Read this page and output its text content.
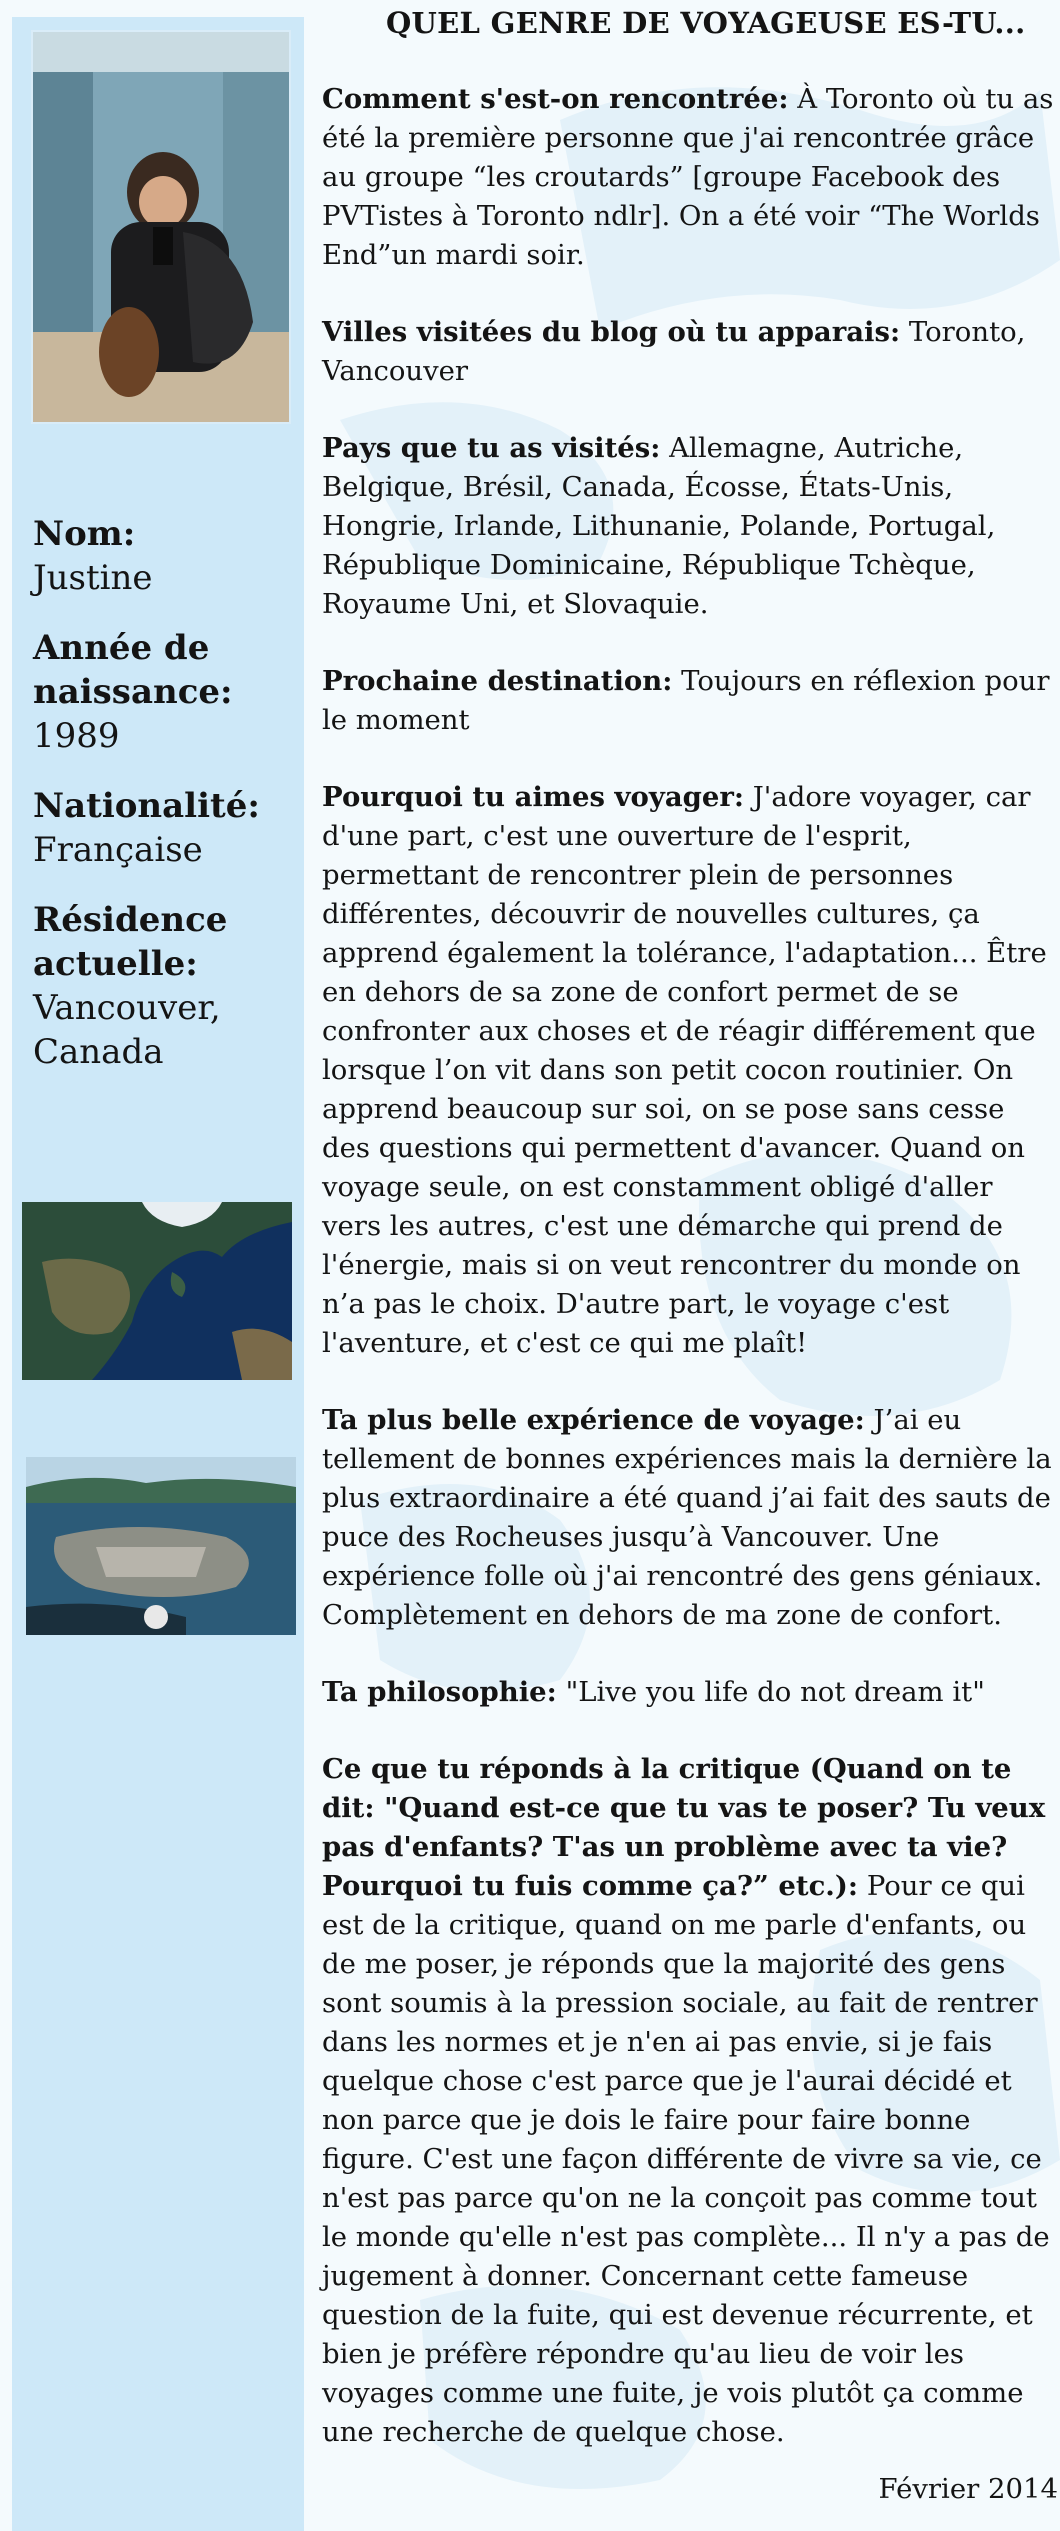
Nom:
Justine
Année de naissance:
1989
Nationalité:
Française
Résidence actuelle:
Vancouver, Canada
QUEL GENRE DE VOYAGEUSE ES-TU...

Comment s'est-on rencontrée: À Toronto où tu as été la première personne que j'ai rencontrée grâce au groupe “les croutards” [groupe Facebook des PVTistes à Toronto ndlr]. On a été voir “The Worlds End”un mardi soir.

Villes visitées du blog où tu apparais: Toronto, Vancouver

Pays que tu as visités: Allemagne, Autriche, Belgique, Brésil, Canada, Écosse, États-Unis, Hongrie, Irlande, Lithunanie, Polande, Portugal, République Dominicaine, République Tchèque, Royaume Uni, et Slovaquie.

Prochaine destination: Toujours en réflexion pour le moment

Pourquoi tu aimes voyager: J'adore voyager, car d'une part, c'est une ouverture de l'esprit, permettant de rencontrer plein de personnes différentes, découvrir de nouvelles cultures, ça apprend également la tolérance, l'adaptation... Être en dehors de sa zone de confort permet de se confronter aux choses et de réagir différement que lorsque l’on vit dans son petit cocon routinier. On apprend beaucoup sur soi, on se pose sans cesse des questions qui permettent d'avancer. Quand on voyage seule, on est constamment obligé d'aller vers les autres, c'est une démarche qui prend de l'énergie, mais si on veut rencontrer du monde on n’a pas le choix. D'autre part, le voyage c'est l'aventure, et c'est ce qui me plaît!

Ta plus belle expérience de voyage: J’ai eu tellement de bonnes expériences mais la dernière la plus extraordinaire a été quand j’ai fait des sauts de puce des Rocheuses jusqu’à Vancouver. Une expérience folle où j'ai rencontré des gens géniaux. Complètement en dehors de ma zone de confort.

Ta philosophie: "Live you life do not dream it"

Ce que tu réponds à la critique (Quand on te dit: "Quand est-ce que tu vas te poser? Tu veux pas d'enfants? T'as un problème avec ta vie? Pourquoi tu fuis comme ça?” etc.): Pour ce qui est de la critique, quand on me parle d'enfants, ou de me poser, je réponds que la majorité des gens sont soumis à la pression sociale, au fait de rentrer dans les normes et je n'en ai pas envie, si je fais quelque chose c'est parce que je l'aurai décidé et non parce que je dois le faire pour faire bonne figure. C'est une façon différente de vivre sa vie, ce n'est pas parce qu'on ne la conçoit pas comme tout le monde qu'elle n'est pas complète... Il n'y a pas de jugement à donner. Concernant cette fameuse question de la fuite, qui est devenue récurrente, et bien je préfère répondre qu'au lieu de voir les voyages comme une fuite, je vois plutôt ça comme une recherche de quelque chose.

Février 2014
